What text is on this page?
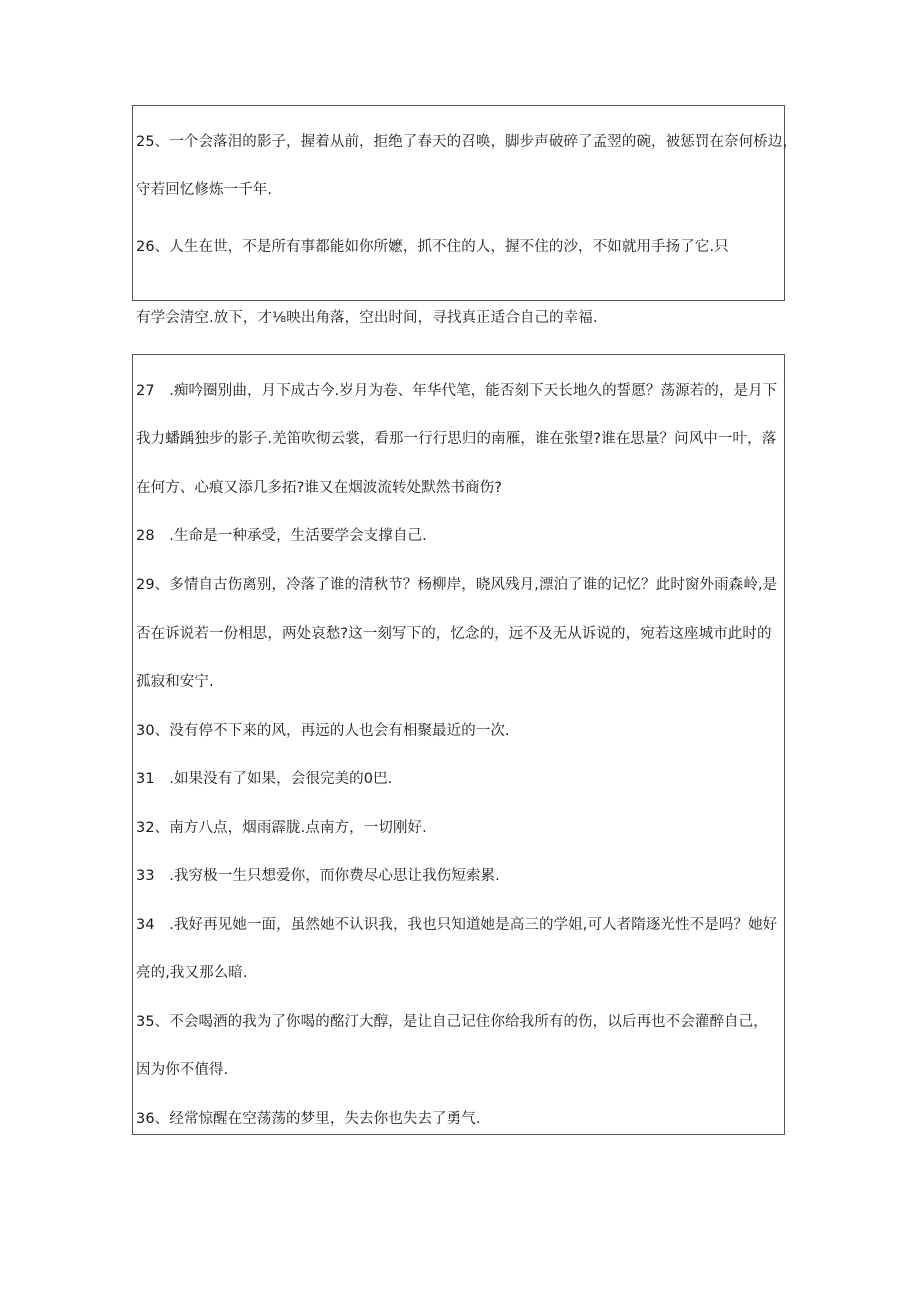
25、一个会落泪的影子，握着从前，拒绝了春天的召唤，脚步声破碎了孟翌的碗，被惩罚在奈何桥边，
守若回忆修炼一千年.
26、人生在世，不是所有事都能如你所嬷，抓不住的人，握不住的沙，不如就用手扬了它.只
有学会清空.放下，才⅛映出角落，空出时间，寻找真正适合自己的幸福.
27　.痴吟圈别曲，月下成古今.岁月为卷、年华代笔，能否刻下天长地久的誓愿？荡源若的，是月下
我力蟠踽独步的影子.羌笛吹彻云裳，看那一行行思归的南雁，谁在张望?谁在思量？问风中一叶，落
在何方、心痕又添几多拓?谁又在烟波流转处默然书商伤?
28　.生命是一种承受，生活要学会支撑自己.
29、多情自古伤离别，冷落了谁的清秋节？杨柳岸，晓风残月,漂泊了谁的记忆？此时窗外雨森岭,是
否在诉说若一份相思，两处哀愁?这一刻写下的，忆念的，远不及无从诉说的，宛若这座城市此时的
孤寂和安宁.
30、没有停不下来的风，再远的人也会有相聚最近的一次.
31　.如果没有了如果，会很完美的0巴.
32、南方八点，烟雨霹胧.点南方，一切刚好.
33　.我穷极一生只想爱你，而你费尽心思让我伤短索累.
34　.我好再见她一面，虽然她不认识我，我也只知道她是高三的学姐,可人者隋逐光性不是吗？她好
亮的,我又那么暗.
35、不会喝酒的我为了你喝的酩汀大醇，是让自己记住你给我所有的伤，以后再也不会灌醉自己，
因为你不值得.
36、经常惊醒在空荡荡的梦里，失去你也失去了勇气.
